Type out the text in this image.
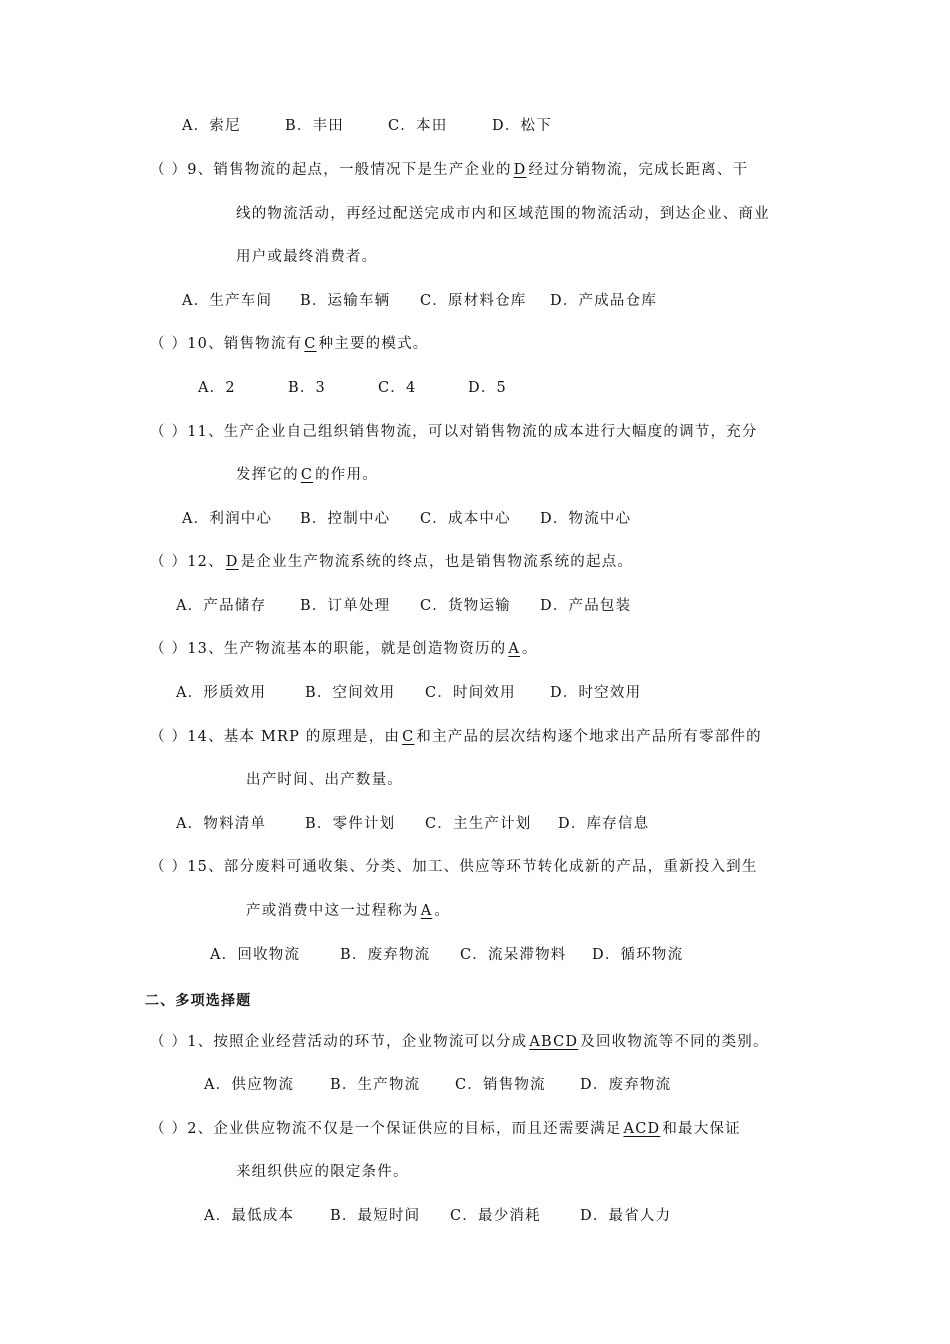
A．索尼	B．丰田	C．本田	D．松下
（ ）9、销售物流的起点，一般情况下是生产企业的 D 经过分销物流，完成长距离、干
线的物流活动，再经过配送完成市内和区域范围的物流活动，到达企业、商业
用户或最终消费者。
A．生产车间 B．运输车辆 C．原材料仓库 D．产成品仓库
（ ）10、销售物流有 C 种主要的模式。
A．2	B．3	C．4	D．5
（ ）11、生产企业自己组织销售物流，可以对销售物流的成本进行大幅度的调节，充分
发挥它的 C 的作用。
A．利润中心 B．控制中心 C．成本中心 D．物流中心
（ ）12、 D 是企业生产物流系统的终点，也是销售物流系统的起点。
A．产品储存 B．订单处理 C．货物运输 D．产品包装
（ ）13、生产物流基本的职能，就是创造物资历的 A 。
A．形质效用	B．空间效用 C．时间效用 D．时空效用
（ ）14、基本 MRP 的原理是，由 C 和主产品的层次结构逐个地求出产品所有零部件的
出产时间、出产数量。
A．物料清单	B．零件计划 C．主生产计划 D．库存信息
（ ）15、部分废料可通收集、分类、加工、供应等环节转化成新的产品，重新投入到生
产或消费中这一过程称为 A 。
A．回收物流	B．废弃物流 C．流呆滞物料 D．循环物流
二、多项选择题
（ ）1、按照企业经营活动的环节，企业物流可以分成 ABCD 及回收物流等不同的类别。
A．供应物流 B．生产物流 C．销售物流 D．废弃物流
（ ）2、企业供应物流不仅是一个保证供应的目标，而且还需要满足 ACD 和最大保证
来组织供应的限定条件。
A．最低成本 B．最短时间 C．最少消耗	D．最省人力
